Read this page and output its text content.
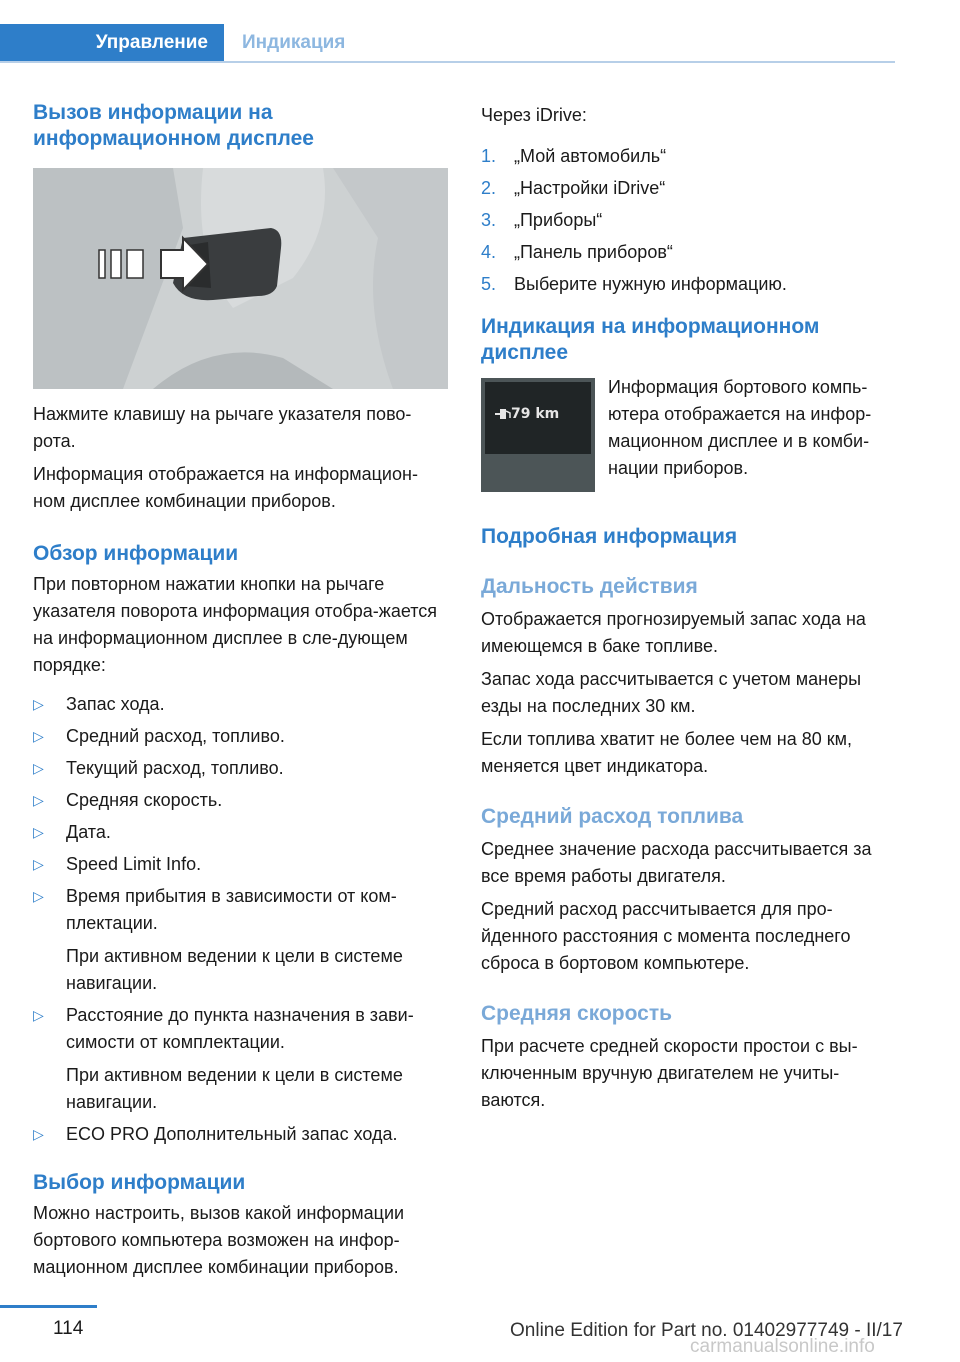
Управление	Индикация
Вызов информации на информационном дисплее

Нажмите клавишу на рычаге указателя пово-рота.

Информация отображается на информацион-ном дисплее комбинации приборов.

Обзор информации

При повторном нажатии кнопки на рычаге указателя поворота информация отобра-жается на информационном дисплее в сле-дующем порядке:

▷ Запас хода.
▷ Средний расход, топливо.
▷ Текущий расход, топливо.
▷ Средняя скорость.
▷ Дата.
▷ Speed Limit Info.
▷ Время прибытия в зависимости от ком-плектации.
При активном ведении к цели в системе навигации.
▷ Расстояние до пункта назначения в зави-симости от комплектации.
При активном ведении к цели в системе навигации.
▷ ECO PRO Дополнительный запас хода.
Выбор информации

Можно настроить, вызов какой информации бортового компьютера возможен на инфор-мационном дисплее комбинации приборов.

Через iDrive:

1. „Мой автомобиль“
2. „Настройки iDrive“
3. „Приборы“
4. „Панель приборов“
5. Выберите нужную информацию.
Индикация на информационном дисплее
79 km

Информация бортового компь-ютера отображается на инфор-мационном дисплее и в комби-нации приборов.

Подробная информация
Дальность действия

Отображается прогнозируемый запас хода на имеющемся в баке топливе.

Запас хода рассчитывается с учетом манеры езды на последних 30 км.

Если топлива хватит не более чем на 80 км, меняется цвет индикатора.

Средний расход топлива

Среднее значение расхода рассчитывается за все время работы двигателя.

Средний расход рассчитывается для про-йденного расстояния с момента последнего сброса в бортовом компьютере.

Средняя скорость

При расчете средней скорости простои с вы-ключенным вручную двигателем не учиты-ваются.

114	Online Edition for Part no. 01402977749 - II/17
carmanualsonline.info
